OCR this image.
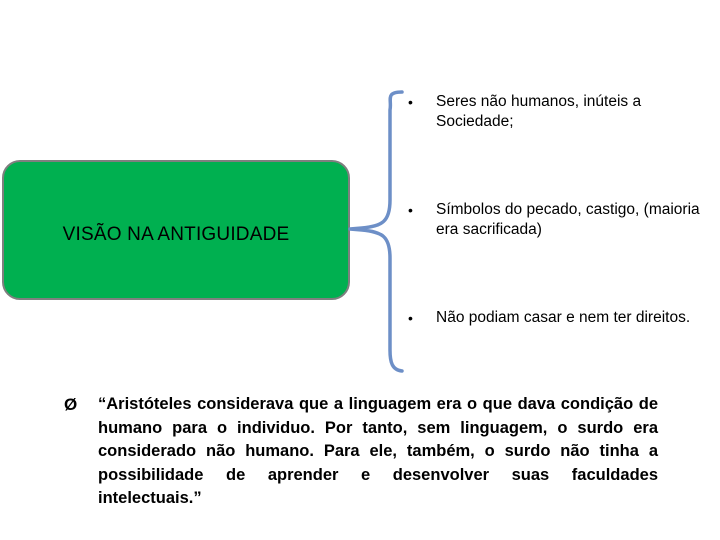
VISÃO NA ANTIGUIDADE
•	Seres não humanos, inúteis a Sociedade;
•	Símbolos do pecado, castigo, (maioria era sacrificada)
•	Não podiam casar e nem ter direitos.
Ø	“Aristóteles considerava que a linguagem era o que dava condição de humano para o individuo. Por tanto, sem linguagem, o surdo era considerado não humano. Para ele, também, o surdo não tinha a possibilidade de aprender e desenvolver suas faculdades intelectuais.”
